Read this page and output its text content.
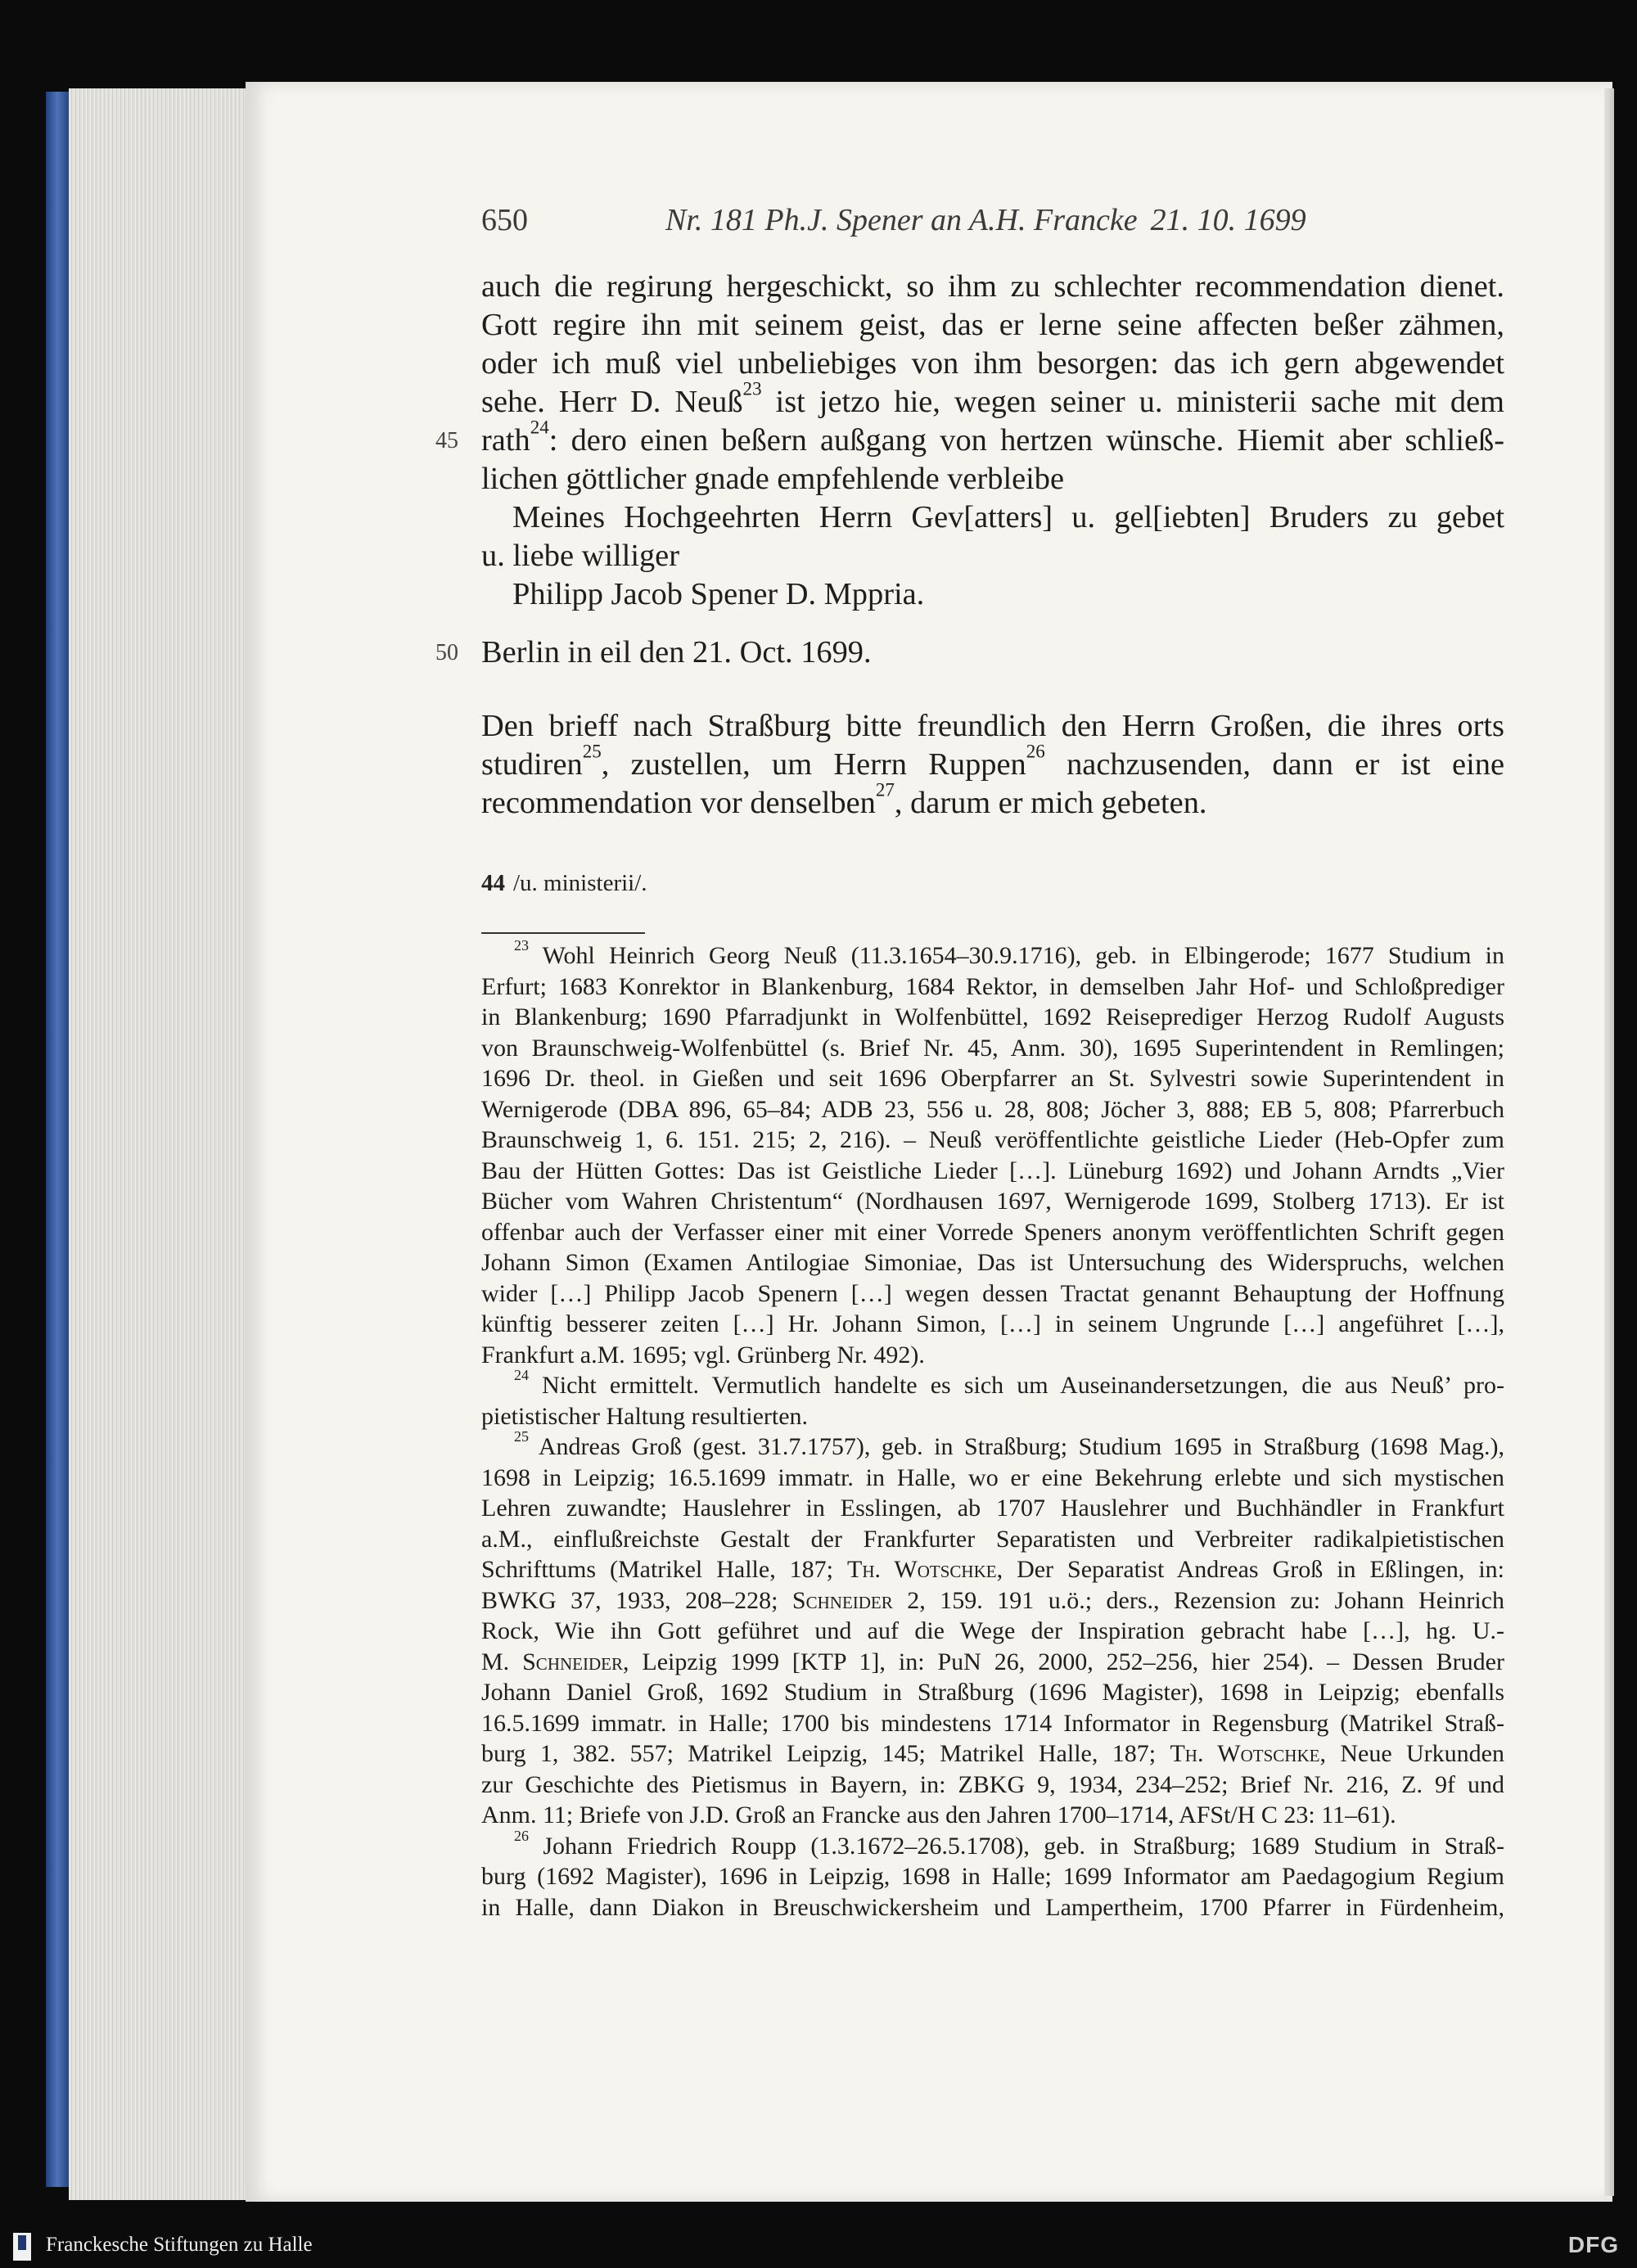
650	Nr. 181 Ph.J. Spener an A.H. Francke 21. 10. 1699
45
50

auch die regirung hergeschickt, so ihm zu schlechter recommendation dienet.

Gott regire ihn mit seinem geist, das er lerne seine affecten beßer zähmen,

oder ich muß viel unbeliebiges von ihm besorgen: das ich gern abgewendet

sehe. Herr D. Neuß$^{23}$ ist jetzo hie, wegen seiner u. ministerii sache mit dem

rath$^{24}$: dero einen beßern außgang von hertzen wünsche. Hiemit aber schließ-

lichen göttlicher gnade empfehlende verbleibe

Meines Hochgeehrten Herrn Gev[atters] u. gel[iebten] Bruders zu gebet

u. liebe williger

Philipp Jacob Spener D. Mppria.

Berlin in eil den 21. Oct. 1699.

Den brieff nach Straßburg bitte freundlich den Herrn Großen, die ihres orts

studiren$^{25}$, zustellen, um Herrn Ruppen$^{26}$ nachzusenden, dann er ist eine

recommendation vor denselben$^{27}$, darum er mich gebeten.

44 /u. ministerii/.

$^{23}$ Wohl Heinrich Georg Neuß (11.3.1654–30.9.1716), geb. in Elbingerode; 1677 Studium in

Erfurt; 1683 Konrektor in Blankenburg, 1684 Rektor, in demselben Jahr Hof- und Schloßprediger

in Blankenburg; 1690 Pfarradjunkt in Wolfenbüttel, 1692 Reiseprediger Herzog Rudolf Augusts

von Braunschweig-Wolfenbüttel (s. Brief Nr. 45, Anm. 30), 1695 Superintendent in Remlingen;

1696 Dr. theol. in Gießen und seit 1696 Oberpfarrer an St. Sylvestri sowie Superintendent in

Wernigerode (DBA 896, 65–84; ADB 23, 556 u. 28, 808; Jöcher 3, 888; EB 5, 808; Pfarrerbuch

Braunschweig 1, 6. 151. 215; 2, 216). – Neuß veröffentlichte geistliche Lieder (Heb-Opfer zum

Bau der Hütten Gottes: Das ist Geistliche Lieder […]. Lüneburg 1692) und Johann Arndts „Vier

Bücher vom Wahren Christentum“ (Nordhausen 1697, Wernigerode 1699, Stolberg 1713). Er ist

offenbar auch der Verfasser einer mit einer Vorrede Speners anonym veröffentlichten Schrift gegen

Johann Simon (Examen Antilogiae Simoniae, Das ist Untersuchung des Widerspruchs, welchen

wider […] Philipp Jacob Spenern […] wegen dessen Tractat genannt Behauptung der Hoffnung

künftig besserer zeiten […] Hr. Johann Simon, […] in seinem Ungrunde […] angeführet […],

Frankfurt a.M. 1695; vgl. Grünberg Nr. 492).

$^{24}$ Nicht ermittelt. Vermutlich handelte es sich um Auseinandersetzungen, die aus Neuß’ pro-

pietistischer Haltung resultierten.

$^{25}$ Andreas Groß (gest. 31.7.1757), geb. in Straßburg; Studium 1695 in Straßburg (1698 Mag.),

1698 in Leipzig; 16.5.1699 immatr. in Halle, wo er eine Bekehrung erlebte und sich mystischen

Lehren zuwandte; Hauslehrer in Esslingen, ab 1707 Hauslehrer und Buchhändler in Frankfurt

a.M., einflußreichste Gestalt der Frankfurter Separatisten und Verbreiter radikalpietistischen

Schrifttums (Matrikel Halle, 187; Th. Wotschke, Der Separatist Andreas Groß in Eßlingen, in:

BWKG 37, 1933, 208–228; Schneider 2, 159. 191 u.ö.; ders., Rezension zu: Johann Heinrich

Rock, Wie ihn Gott geführet und auf die Wege der Inspiration gebracht habe […], hg. U.-

M. Schneider, Leipzig 1999 [KTP 1], in: PuN 26, 2000, 252–256, hier 254). – Dessen Bruder

Johann Daniel Groß, 1692 Studium in Straßburg (1696 Magister), 1698 in Leipzig; ebenfalls

16.5.1699 immatr. in Halle; 1700 bis mindestens 1714 Informator in Regensburg (Matrikel Straß-

burg 1, 382. 557; Matrikel Leipzig, 145; Matrikel Halle, 187; Th. Wotschke, Neue Urkunden

zur Geschichte des Pietismus in Bayern, in: ZBKG 9, 1934, 234–252; Brief Nr. 216, Z. 9f und

Anm. 11; Briefe von J.D. Groß an Francke aus den Jahren 1700–1714, AFSt/H C 23: 11–61).

$^{26}$ Johann Friedrich Roupp (1.3.1672–26.5.1708), geb. in Straßburg; 1689 Studium in Straß-

burg (1692 Magister), 1696 in Leipzig, 1698 in Halle; 1699 Informator am Paedagogium Regium

in Halle, dann Diakon in Breuschwickersheim und Lampertheim, 1700 Pfarrer in Fürdenheim,

Franckesche Stiftungen zu Halle	DFG
